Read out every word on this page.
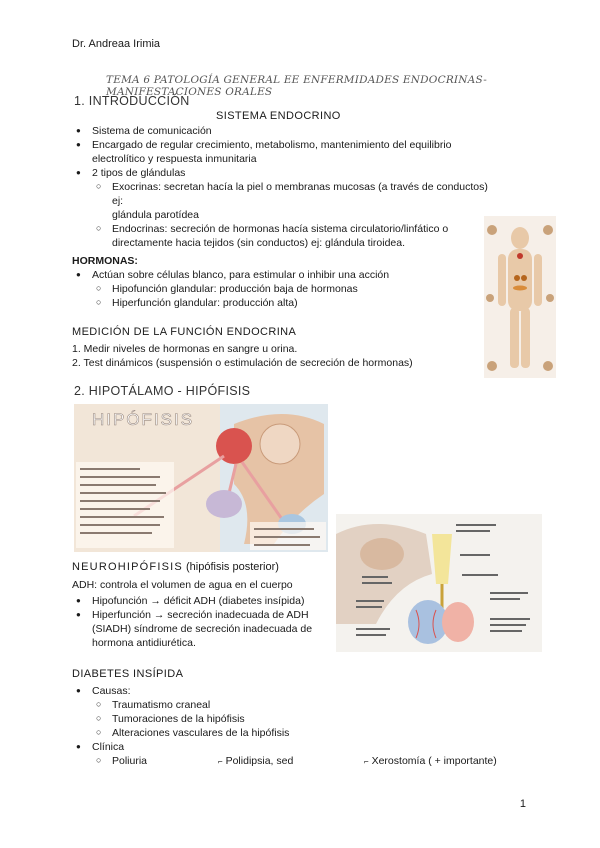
Dr. Andreaa Irimia
TEMA 6 PATOLOGÍA GENERAL EE ENFERMIDADES ENDOCRINAS- MANIFESTACIONES ORALES
1. INTRODUCCIÓN
SISTEMA ENDOCRINO
● Sistema de comunicación
● Encargado de regular crecimiento, metabolismo, mantenimiento del equilibrio
electrolítico y respuesta inmunitaria
● 2 tipos de glándulas
○ Exocrinas: secretan hacía la piel o membranas mucosas (a través de conductos) ej:
glándula parotídea
○ Endocrinas: secreción de hormonas hacía sistema circulatorio/linfático o
directamente hacia tejidos (sin conductos) ej: glándula tiroidea.
HORMONAS:
● Actúan sobre células blanco, para estimular o inhibir una acción
○ Hipofunción glandular: producción baja de hormonas
○ Hiperfunción glandular: producción alta)
MEDICIÓN DE LA FUNCIÓN ENDOCRINA
1. Medir niveles de hormonas en sangre u orina.
2. Test dinámicos (suspensión o estimulación de secreción de hormonas)
2. HIPOTÁLAMO - HIPÓFISIS
HIPÓFISIS
NEUROHIPÓFISIS (hipófisis posterior)
ADH: controla el volumen de agua en el cuerpo
● Hipofunción → déficit ADH (diabetes insípida)
● Hiperfunción → secreción inadecuada de ADH
(SIADH) síndrome de secreción inadecuada de
hormona antidiurética.
DIABETES INSÍPIDA
● Causas:
○ Traumatismo craneal
○ Tumoraciones de la hipófisis
○ Alteraciones vasculares de la hipófisis
● Clínica
○ Poliuria	⌐ Polidipsia, sed	⌐ Xerostomía ( + importante)
1
